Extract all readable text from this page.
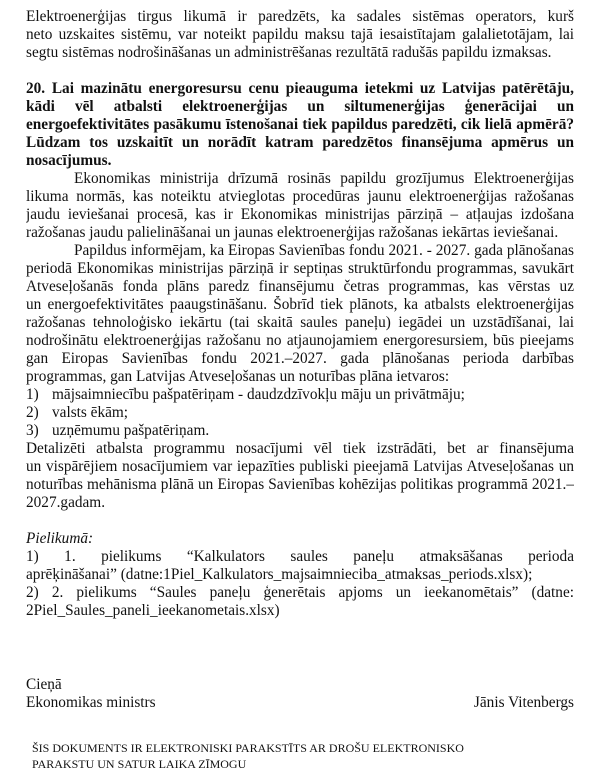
Elektroenerģijas tirgus likumā ir paredzēts, ka sadales sistēmas operators, kurš
neto uzskaites sistēmu, var noteikt papildu maksu tajā iesaistītajam galalietotājam, lai
segtu sistēmas nodrošināšanas un administrēšanas rezultātā radušās papildu izmaksas.
20. Lai mazinātu energoresursu cenu pieauguma ietekmi uz Latvijas patērētāju,
kādi vēl atbalsti elektroenerģijas un siltumenerģijas ģenerācijai un
energoefektivitātes pasākumu īstenošanai tiek papildus paredzēti, cik lielā apmērā?
Lūdzam tos uzskaitīt un norādīt katram paredzētos finansējuma apmērus un
nosacījumus.
Ekonomikas ministrija drīzumā rosinās papildu grozījumus Elektroenerģijas
likuma normās, kas noteiktu atvieglotas procedūras jaunu elektroenerģijas ražošanas
jaudu ieviešanai procesā, kas ir Ekonomikas ministrijas pārziņā – atļaujas izdošana
ražošanas jaudu palielināšanai un jaunas elektroenerģijas ražošanas iekārtas ieviešanai.
Papildus informējam, ka Eiropas Savienības fondu 2021. - 2027. gada plānošanas
periodā Ekonomikas ministrijas pārziņā ir septiņas struktūrfondu programmas, savukārt
Atveseļošanās fonda plāns paredz finansējumu četras programmas, kas vērstas uz
un energoefektivitātes paaugstināšanu. Šobrīd tiek plānots, ka atbalsts elektroenerģijas
ražošanas tehnoloģisko iekārtu (tai skaitā saules paneļu) iegādei un uzstādīšanai, lai
nodrošinātu elektroenerģijas ražošanu no atjaunojamiem energoresursiem, būs pieejams
gan Eiropas Savienības fondu 2021.–2027. gada plānošanas perioda darbības
programmas, gan Latvijas Atveseļošanas un noturības plāna ietvaros:
1) mājsaimniecību pašpatēriņam - daudzdzīvokļu māju un privātmāju;
2) valsts ēkām;
3) uzņēmumu pašpatēriņam.
Detalizēti atbalsta programmu nosacījumi vēl tiek izstrādāti, bet ar finansējuma
un vispārējiem nosacījumiem var iepazīties publiski pieejamā Latvijas Atveseļošanas un
noturības mehānisma plānā un Eiropas Savienības kohēzijas politikas programmā 2021.–
2027.gadam.
Pielikumā:
1) 1. pielikums “Kalkulators saules paneļu atmaksāšanas perioda
aprēķināšanai” (datne:1Piel_Kalkulators_majsaimnieciba_atmaksas_periods.xlsx);
2) 2. pielikums “Saules paneļu ģenerētais apjoms un ieekanomētais” (datne:
2Piel_Saules_paneli_ieekanometais.xlsx)
Cieņā
Ekonomikas ministrs	Jānis Vitenbergs
ŠIS DOKUMENTS IR ELEKTRONISKI PARAKSTĪTS AR DROŠU ELEKTRONISKO
PARAKSTU UN SATUR LAIKA ZĪMOGU
